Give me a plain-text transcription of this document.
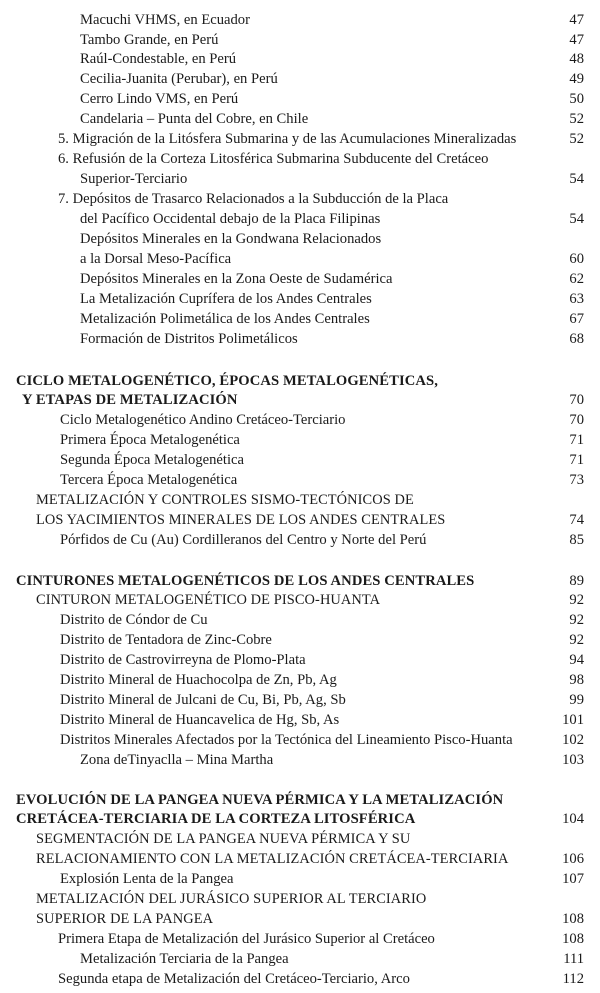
Macuchi VHMS, en Ecuador	47
Tambo Grande, en Perú	47
Raúl-Condestable, en Perú	48
Cecilia-Juanita (Perubar), en Perú	49
Cerro Lindo VMS, en Perú	50
Candelaria – Punta del Cobre, en Chile	52
5. Migración de la Litósfera Submarina y de las Acumulaciones Mineralizadas	52
6. Refusión de la Corteza Litosférica Submarina Subducente del Cretáceo
Superior-Terciario	54
7. Depósitos de Trasarco Relacionados a la Subducción de la Placa
del Pacífico Occidental debajo de la Placa Filipinas	54
Depósitos Minerales en la Gondwana Relacionados
a la Dorsal Meso-Pacífica	60
Depósitos Minerales en la Zona Oeste de Sudamérica	62
La Metalización Cuprífera de los Andes Centrales	63
Metalización Polimetálica de los Andes Centrales	67
Formación de Distritos Polimetálicos	68
CICLO METALOGENÉTICO, ÉPOCAS METALOGENÉTICAS,
Y ETAPAS DE METALIZACIÓN	70
Ciclo Metalogenético Andino Cretáceo-Terciario	70
Primera Época Metalogenética	71
Segunda Época Metalogenética	71
Tercera Época Metalogenética	73
METALIZACIÓN Y CONTROLES SISMO-TECTÓNICOS DE
LOS YACIMIENTOS MINERALES DE LOS ANDES CENTRALES	74
Pórfidos de Cu (Au) Cordilleranos del Centro y Norte del Perú	85
CINTURONES METALOGENÉTICOS DE LOS ANDES CENTRALES	89
CINTURON METALOGENÉTICO DE PISCO-HUANTA	92
Distrito de Cóndor de Cu	92
Distrito de Tentadora de Zinc-Cobre	92
Distrito de Castrovirreyna de Plomo-Plata	94
Distrito Mineral de Huachocolpa de Zn, Pb, Ag	98
Distrito Mineral de Julcani de Cu, Bi, Pb, Ag, Sb	99
Distrito Mineral de Huancavelica de Hg, Sb, As	101
Distritos Minerales Afectados por la Tectónica del Lineamiento Pisco-Huanta	102
Zona deTinyaclla – Mina Martha	103
EVOLUCIÓN DE LA PANGEA NUEVA PÉRMICA Y LA METALIZACIÓN
CRETÁCEA-TERCIARIA DE LA CORTEZA LITOSFÉRICA	104
SEGMENTACIÓN DE LA PANGEA NUEVA PÉRMICA Y SU
RELACIONAMIENTO CON LA METALIZACIÓN CRETÁCEA-TERCIARIA	106
Explosión Lenta de la Pangea	107
METALIZACIÓN DEL JURÁSICO SUPERIOR AL TERCIARIO
SUPERIOR DE LA PANGEA	108
Primera Etapa de Metalización del Jurásico Superior al Cretáceo	108
Metalización Terciaria de la Pangea	111
Segunda etapa de Metalización del Cretáceo-Terciario, Arco	112
